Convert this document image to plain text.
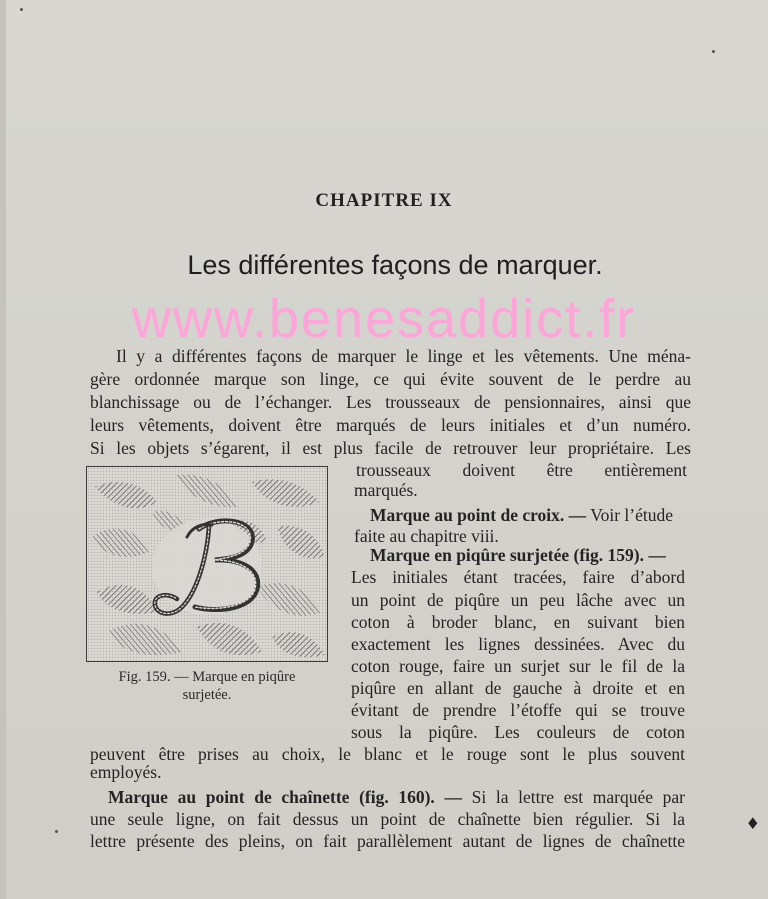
CHAPITRE IX
Les différentes façons de marquer.
www.benesaddict.fr
Il y a différentes façons de marquer le linge et les vêtements. Une ména-
gère ordonnée marque son linge, ce qui évite souvent de le perdre au
blanchissage ou de l’échanger. Les trousseaux de pensionnaires, ainsi que
leurs vêtements, doivent être marqués de leurs initiales et d’un numéro.
Si les objets s’égarent, il est plus facile de retrouver leur propriétaire. Les
trousseaux doivent être entièrement
marqués.
Marque au point de croix. — Voir l’étude
faite au chapitre viii.
Marque en piqûre surjetée (fig. 159). —
Les initiales étant tracées, faire d’abord
un point de piqûre un peu lâche avec un
coton à broder blanc, en suivant bien
exactement les lignes dessinées. Avec du
coton rouge, faire un surjet sur le fil de la
piqûre en allant de gauche à droite et en
évitant de prendre l’étoffe qui se trouve
sous la piqûre. Les couleurs de coton
peuvent être prises au choix, le blanc et le rouge sont le plus souvent
employés.
Marque au point de chaînette (fig. 160). — Si la lettre est marquée par
une seule ligne, on fait dessus un point de chaînette bien régulier. Si la
lettre présente des pleins, on fait parallèlement autant de lignes de chaînette
B
Fig. 159. — Marque en piqûre
surjetée.
♦
